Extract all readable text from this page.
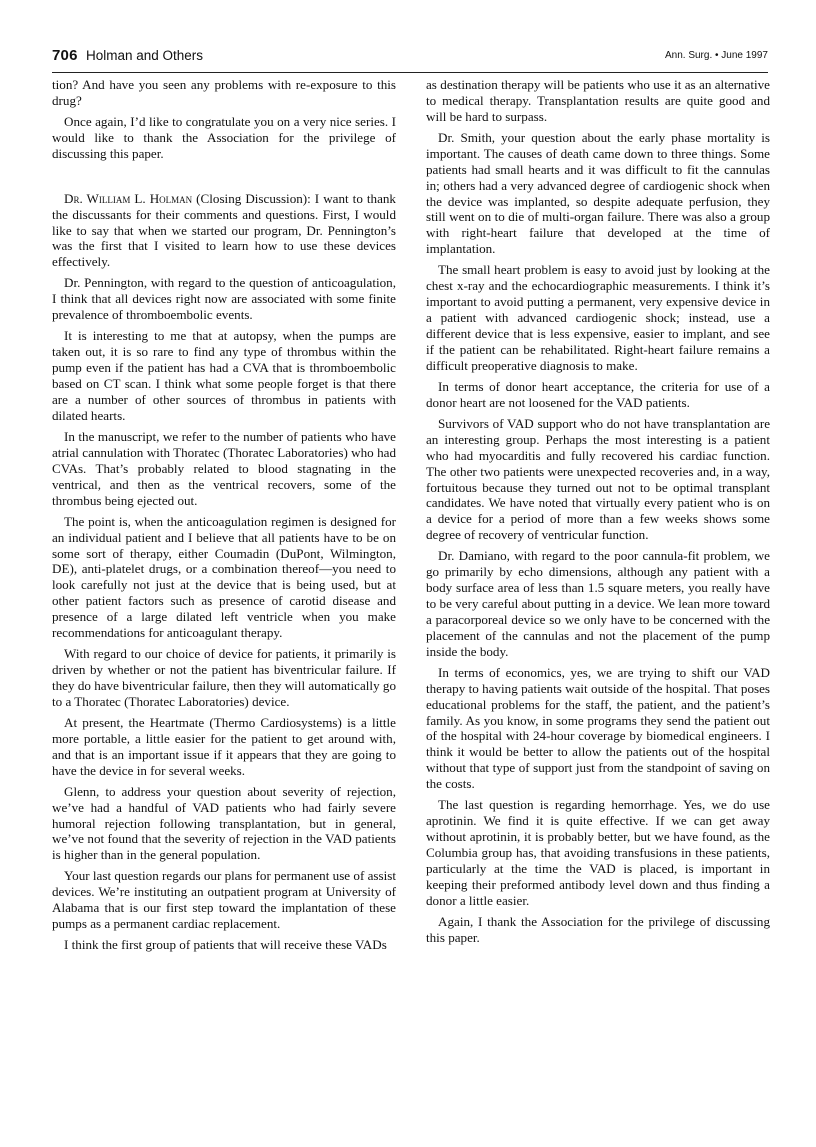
706 Holman and Others	Ann. Surg. • June 1997

tion? And have you seen any problems with re-exposure to this drug?

Once again, I’d like to congratulate you on a very nice series. I would like to thank the Association for the privilege of discussing this paper.

Dr. William L. Holman (Closing Discussion): I want to thank the discussants for their comments and questions. First, I would like to say that when we started our program, Dr. Pennington’s was the first that I visited to learn how to use these devices effectively.

Dr. Pennington, with regard to the question of anticoagulation, I think that all devices right now are associated with some finite prevalence of thromboembolic events.

It is interesting to me that at autopsy, when the pumps are taken out, it is so rare to find any type of thrombus within the pump even if the patient has had a CVA that is thromboembolic based on CT scan. I think what some people forget is that there are a number of other sources of thrombus in patients with dilated hearts.

In the manuscript, we refer to the number of patients who have atrial cannulation with Thoratec (Thoratec Laboratories) who had CVAs. That’s probably related to blood stagnating in the ventrical, and then as the ventrical recovers, some of the thrombus being ejected out.

The point is, when the anticoagulation regimen is designed for an individual patient and I believe that all patients have to be on some sort of therapy, either Coumadin (DuPont, Wilmington, DE), anti-platelet drugs, or a combination thereof—you need to look carefully not just at the device that is being used, but at other patient factors such as presence of carotid disease and presence of a large dilated left ventricle when you make recommendations for anticoagulant therapy.

With regard to our choice of device for patients, it primarily is driven by whether or not the patient has biventricular failure. If they do have biventricular failure, then they will automatically go to a Thoratec (Thoratec Laboratories) device.

At present, the Heartmate (Thermo Cardiosystems) is a little more portable, a little easier for the patient to get around with, and that is an important issue if it appears that they are going to have the device in for several weeks.

Glenn, to address your question about severity of rejection, we’ve had a handful of VAD patients who had fairly severe humoral rejection following transplantation, but in general, we’ve not found that the severity of rejection in the VAD patients is higher than in the general population.

Your last question regards our plans for permanent use of assist devices. We’re instituting an outpatient program at University of Alabama that is our first step toward the implantation of these pumps as a permanent cardiac replacement.

I think the first group of patients that will receive these VADs

as destination therapy will be patients who use it as an alternative to medical therapy. Transplantation results are quite good and will be hard to surpass.

Dr. Smith, your question about the early phase mortality is important. The causes of death came down to three things. Some patients had small hearts and it was difficult to fit the cannulas in; others had a very advanced degree of cardiogenic shock when the device was implanted, so despite adequate perfusion, they still went on to die of multi-organ failure. There was also a group with right-heart failure that developed at the time of implantation.

The small heart problem is easy to avoid just by looking at the chest x-ray and the echocardiographic measurements. I think it’s important to avoid putting a permanent, very expensive device in a patient with advanced cardiogenic shock; instead, use a different device that is less expensive, easier to implant, and see if the patient can be rehabilitated. Right-heart failure remains a difficult preoperative diagnosis to make.

In terms of donor heart acceptance, the criteria for use of a donor heart are not loosened for the VAD patients.

Survivors of VAD support who do not have transplantation are an interesting group. Perhaps the most interesting is a patient who had myocarditis and fully recovered his cardiac function. The other two patients were unexpected recoveries and, in a way, fortuitous because they turned out not to be optimal transplant candidates. We have noted that virtually every patient who is on a device for a period of more than a few weeks shows some degree of recovery of ventricular function.

Dr. Damiano, with regard to the poor cannula-fit problem, we go primarily by echo dimensions, although any patient with a body surface area of less than 1.5 square meters, you really have to be very careful about putting in a device. We lean more toward a paracorporeal device so we only have to be concerned with the placement of the cannulas and not the placement of the pump inside the body.

In terms of economics, yes, we are trying to shift our VAD therapy to having patients wait outside of the hospital. That poses educational problems for the staff, the patient, and the patient’s family. As you know, in some programs they send the patient out of the hospital with 24-hour coverage by biomedical engineers. I think it would be better to allow the patients out of the hospital without that type of support just from the standpoint of saving on the costs.

The last question is regarding hemorrhage. Yes, we do use aprotinin. We find it is quite effective. If we can get away without aprotinin, it is probably better, but we have found, as the Columbia group has, that avoiding transfusions in these patients, particularly at the time the VAD is placed, is important in keeping their preformed antibody level down and thus finding a donor a little easier.

Again, I thank the Association for the privilege of discussing this paper.
